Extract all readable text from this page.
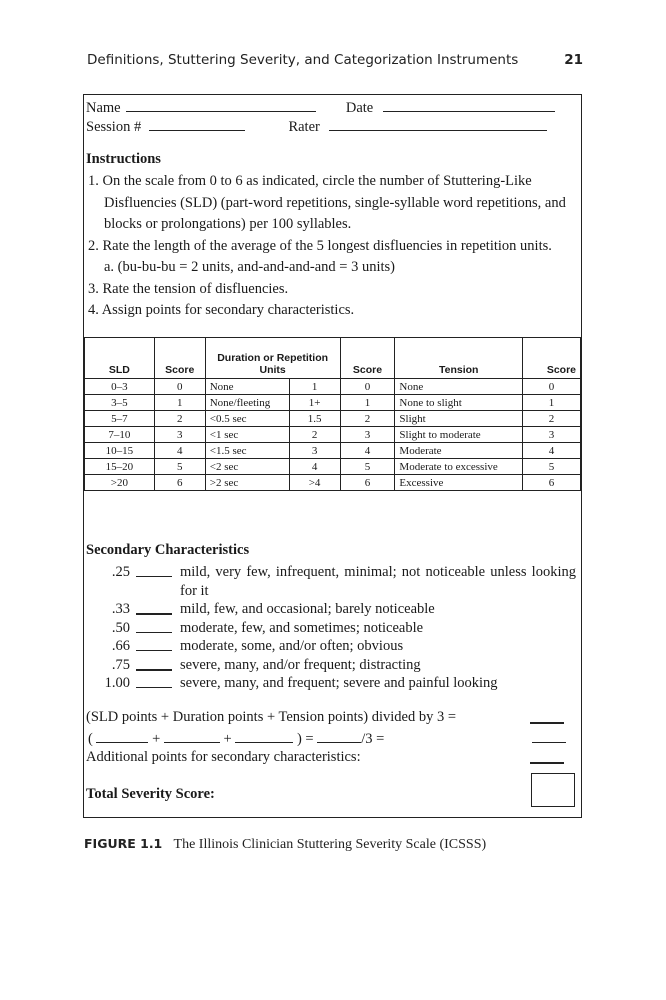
Definitions, Stuttering Severity, and Categorization Instruments	21
Name	Date
Session #	Rater
Instructions
1. On the scale from 0 to 6 as indicated, circle the number of Stuttering-Like Disfluencies (SLD) (part-word repetitions, single-syllable word repetitions, and blocks or prolongations) per 100 syllables.
2. Rate the length of the average of the 5 longest disfluencies in repetition units.
a. (bu-bu-bu = 2 units, and-and-and-and = 3 units)
3. Rate the tension of disfluencies.
4. Assign points for secondary characteristics.
SLD	Score	Duration or Repetition Units		Score	Tension	Score
0–3	0	None	1	0	None	0
3–5	1	None/fleeting	1+	1	None to slight	1
5–7	2	<0.5 sec	1.5	2	Slight	2
7–10	3	<1 sec	2	3	Slight to moderate	3
10–15	4	<1.5 sec	3	4	Moderate	4
15–20	5	<2 sec	4	5	Moderate to excessive	5
>20	6	>2 sec	>4	6	Excessive	6
Secondary Characteristics
.25	mild, very few, infrequent, minimal; not noticeable unless looking for it
.33	mild, few, and occasional; barely noticeable
.50	moderate, few, and sometimes; noticeable
.66	moderate, some, and/or often; obvious
.75	severe, many, and/or frequent; distracting
1.00	severe, many, and frequent; severe and painful looking
(SLD points + Duration points + Tension points) divided by 3 =
(	+	+	) =	/3 =
Additional points for secondary characteristics:
Total Severity Score:
FIGURE 1.1 The Illinois Clinician Stuttering Severity Scale (ICSSS)
